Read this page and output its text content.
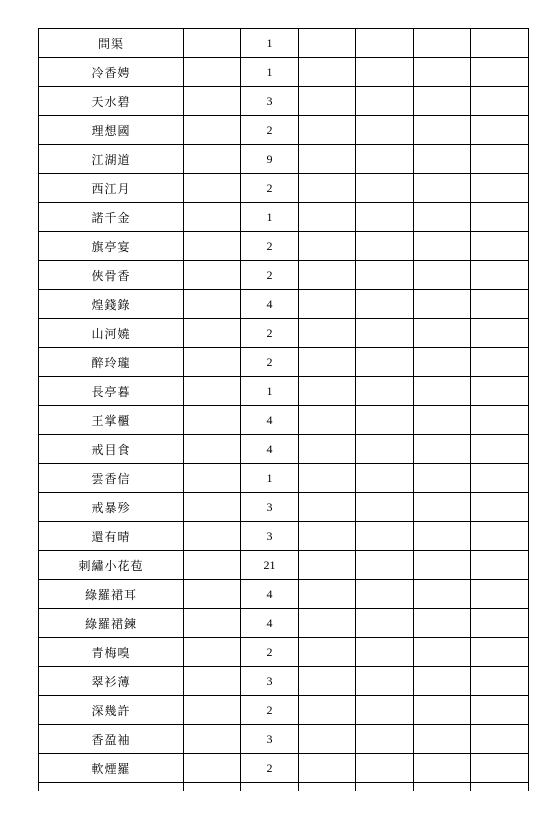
問渠		1				
冷香娉		1				
天水碧		3				
理想國		2				
江湖道		9				
西江月		2				
諾千金		1				
旗亭宴		2				
俠骨香		2				
煌錢錄		4				
山河嬈		2				
醉玲瓏		2				
長亭暮		1				
王掌櫃		4				
戒目食		4				
雲香信		1				
戒暴殄		3				
還有晴		3				
刺繡小花苞		21				
綠羅裙耳		4				
綠羅裙鍊		4				
青梅嗅		2				
翠衫薄		3				
深幾許		2				
香盈袖		3				
軟煙羅		2				
